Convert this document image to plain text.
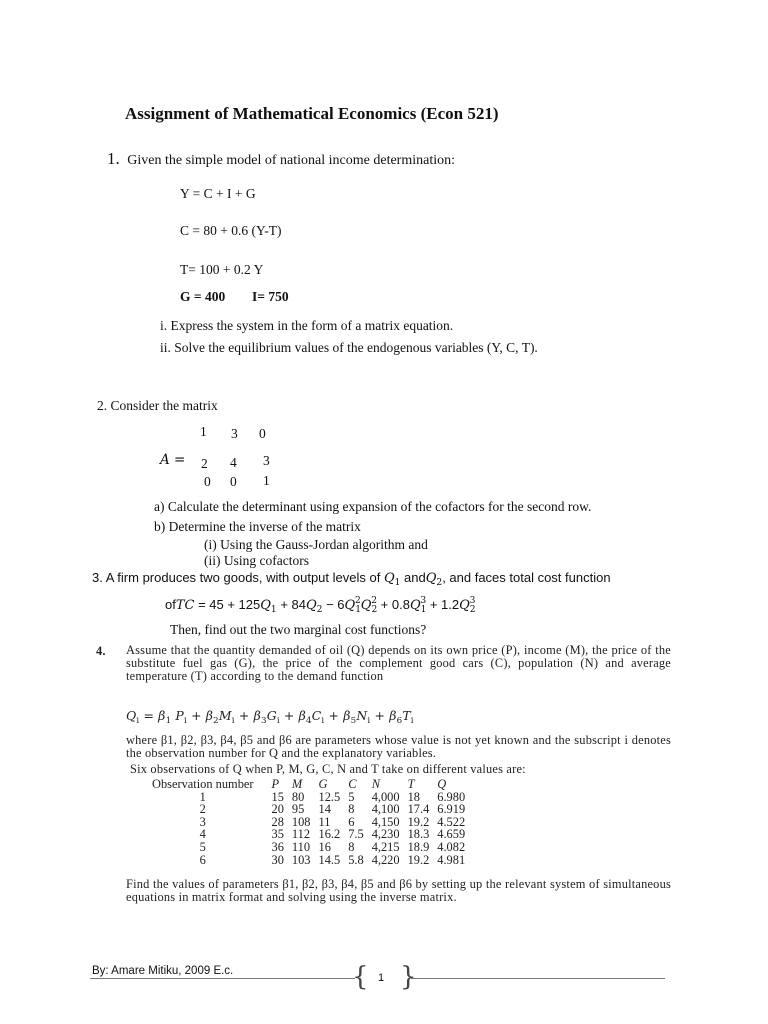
Assignment of Mathematical Economics (Econ 521)
1. Given the simple model of national income determination:
Y = C + I + G
C = 80 + 0.6 (Y-T)
T= 100 + 0.2 Y
G = 400 I= 750
i. Express the system in the form of a matrix equation.
ii. Solve the equilibrium values of the endogenous variables (Y, C, T).
2. Consider the matrix
1 3 0
A = 2 4 3
0 0 1
a) Calculate the determinant using expansion of the cofactors for the second row.
b) Determine the inverse of the matrix
(i) Using the Gauss-Jordan algorithm and
(ii) Using cofactors
3. A firm produces two goods, with output levels of $Q_1$ andQ$_2$, and faces total cost function
ofTC = $45 + 125Q_1 + 84Q_2 - 6Q_1^2Q_2^2 + 0.8Q_1^3 + 1.2Q_2^3$
Then, find out the two marginal cost functions?
4. Assume that the quantity demanded of oil (Q) depends on its own price (P), income (M), the price of the substitute fuel gas (G), the price of the complement good cars (C), population (N) and average temperature (T) according to the demand function
$Q_i = \beta_1$ $P_i + \beta_2M_i + \beta_3G_i + \beta_4C_i + \beta_5N_i + \beta_6T_i$
where β1, β2, β3, β4, β5 and β6 are parameters whose value is not yet known and the subscript i denotes the observation number for Q and the explanatory variables.
Six observations of Q when P, M, G, C, N and T take on different values are:
Observation number	P	M	G	C	N	T	Q
1	15	80	12.5	5	4,000	18	6.980
2	20	95	14	8	4,100	17.4	6.919
3	28	108	11	6	4,150	19.2	4.522
4	35	112	16.2	7.5	4,230	18.3	4.659
5	36	110	16	8	4,215	18.9	4.082
6	30	103	14.5	5.8	4,220	19.2	4.981
Find the values of parameters β1, β2, β3, β4, β5 and β6 by setting up the relevant system of simultaneous equations in matrix format and solving using the inverse matrix.
By: Amare Mitiku, 2009 E.c.	{ }
1
